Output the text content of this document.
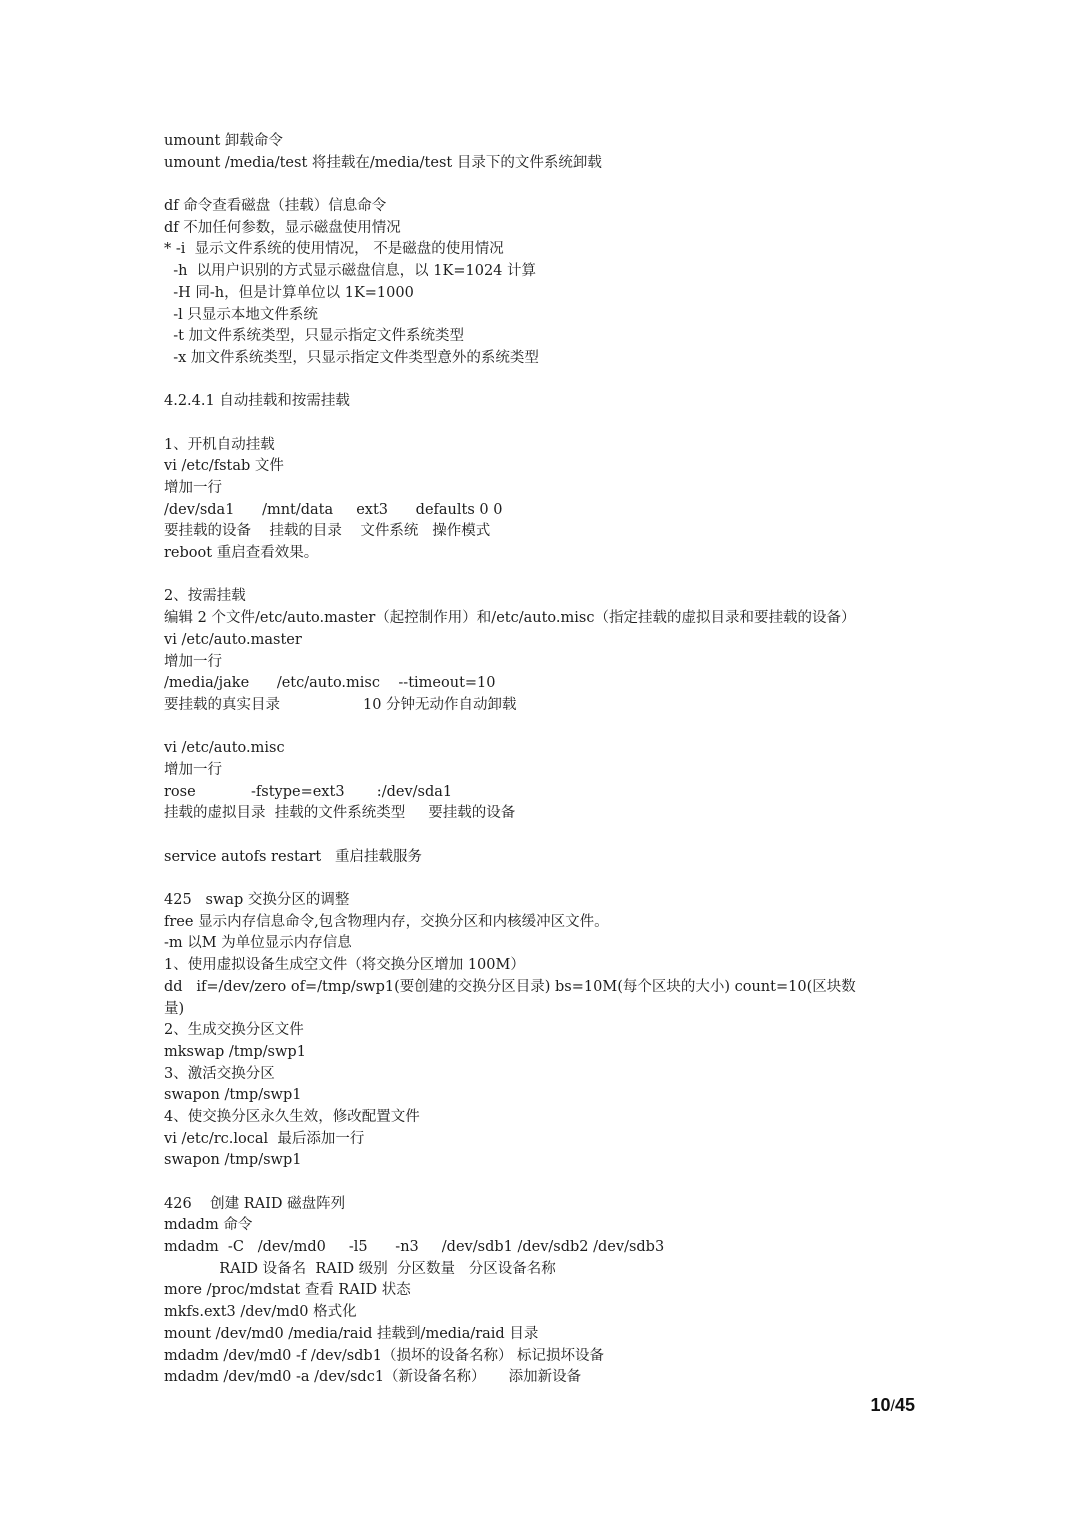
umount 卸载命令
umount /media/test 将挂载在/media/test 目录下的文件系统卸载
df 命令查看磁盘（挂载）信息命令
df 不加任何参数，显示磁盘使用情况
* -i  显示文件系统的使用情况， 不是磁盘的使用情况
-h  以用户识别的方式显示磁盘信息，以 1K=1024 计算
-H 同-h，但是计算单位以 1K=1000
-l 只显示本地文件系统
-t 加文件系统类型，只显示指定文件系统类型
-x 加文件系统类型，只显示指定文件类型意外的系统类型
4.2.4.1 自动挂载和按需挂载
1、开机自动挂载
vi /etc/fstab 文件
增加一行
/dev/sda1      /mnt/data     ext3      defaults 0 0
要挂载的设备    挂载的目录    文件系统   操作模式
reboot 重启查看效果。
2、按需挂载
编辑 2 个文件/etc/auto.master（起控制作用）和/etc/auto.misc（指定挂载的虚拟目录和要挂载的设备）
vi /etc/auto.master
增加一行
/media/jake      /etc/auto.misc    --timeout=10
要挂载的真实目录                  10 分钟无动作自动卸载
vi /etc/auto.misc
增加一行
rose            -fstype=ext3       :/dev/sda1
挂载的虚拟目录  挂载的文件系统类型     要挂载的设备
service autofs restart   重启挂载服务
425   swap 交换分区的调整
free 显示内存信息命令,包含物理内存，交换分区和内核缓冲区文件。
-m 以M 为单位显示内存信息
1、使用虚拟设备生成空文件（将交换分区增加 100M）
dd   if=/dev/zero of=/tmp/swp1(要创建的交换分区目录) bs=10M(每个区块的大小) count=10(区块数
量)
2、生成交换分区文件
mkswap /tmp/swp1
3、激活交换分区
swapon /tmp/swp1
4、使交换分区永久生效，修改配置文件
vi /etc/rc.local  最后添加一行
swapon /tmp/swp1
426    创建 RAID 磁盘阵列
mdadm 命令
mdadm  -C   /dev/md0     -l5      -n3     /dev/sdb1 /dev/sdb2 /dev/sdb3
RAID 设备名  RAID 级别  分区数量   分区设备名称
more /proc/mdstat 查看 RAID 状态
mkfs.ext3 /dev/md0 格式化
mount /dev/md0 /media/raid 挂载到/media/raid 目录
mdadm /dev/md0 -f /dev/sdb1（损坏的设备名称） 标记损坏设备
mdadm /dev/md0 -a /dev/sdc1（新设备名称）     添加新设备
10/45
